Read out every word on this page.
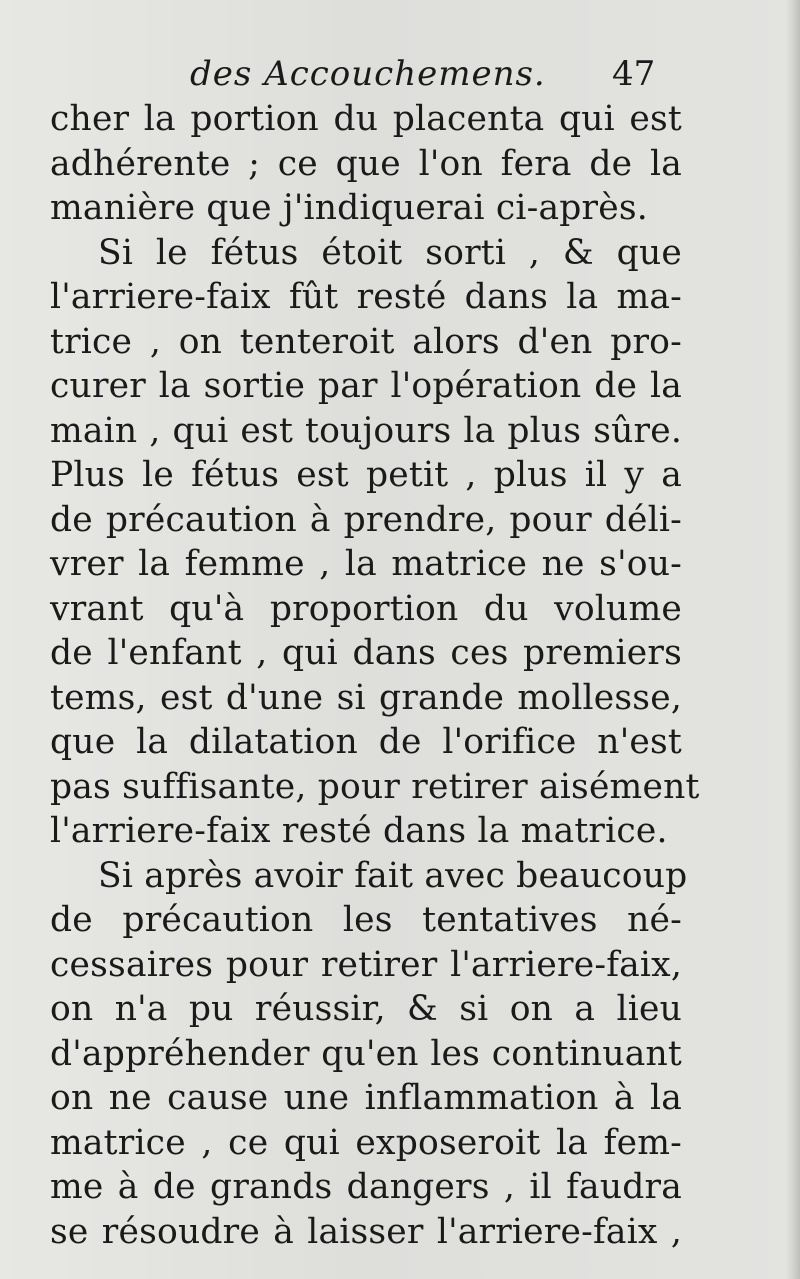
des Accouchemens. 47
cher la portion du placenta qui est
adhérente ; ce que l'on fera de la
manière que j'indiquerai ci-après.
Si le fétus étoit sorti , & que
l'arriere-faix fût resté dans la ma-
trice , on tenteroit alors d'en pro-
curer la sortie par l'opération de la
main , qui est toujours la plus sûre.
Plus le fétus est petit , plus il y a
de précaution à prendre, pour déli-
vrer la femme , la matrice ne s'ou-
vrant qu'à proportion du volume
de l'enfant , qui dans ces premiers
tems, est d'une si grande mollesse,
que la dilatation de l'orifice n'est
pas suffisante, pour retirer aisément
l'arriere-faix resté dans la matrice.
Si après avoir fait avec beaucoup
de précaution les tentatives né-
cessaires pour retirer l'arriere-faix,
on n'a pu réussir, & si on a lieu
d'appréhender qu'en les continuant
on ne cause une inflammation à la
matrice , ce qui exposeroit la fem-
me à de grands dangers , il faudra
se résoudre à laisser l'arriere-faix ,
